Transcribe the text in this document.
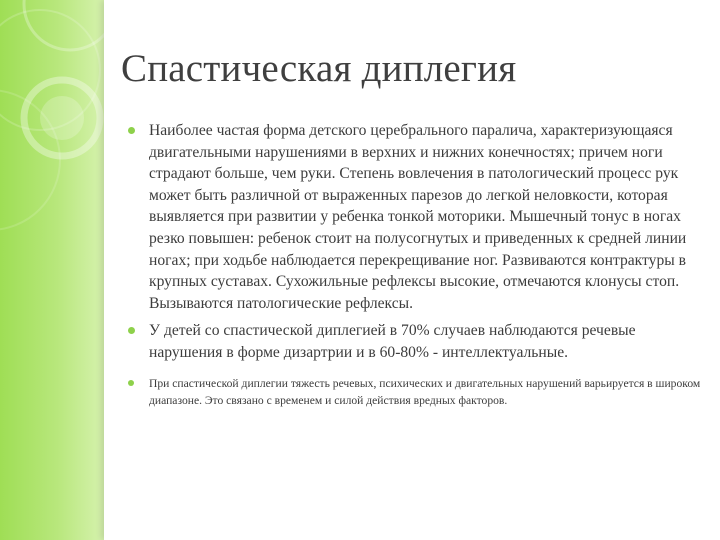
Спастическая диплегия
Наиболее частая форма детского церебрального паралича, характеризующаяся двигательными нарушениями в верхних и нижних конечностях; причем ноги страдают больше, чем руки. Степень вовлечения в патологический процесс рук может быть различной от выраженных парезов до легкой неловкости, которая выявляется при развитии у ребенка тонкой моторики. Мышечный тонус в ногах резко повышен: ребенок стоит на полусогнутых и приведенных к средней линии ногах; при ходьбе наблюдается перекрещивание ног. Развиваются контрактуры в крупных суставах. Сухожильные рефлексы высокие, отмечаются клонусы стоп. Вызываются патологические рефлексы.
У детей со спастической диплегией в 70% случаев наблюдаются речевые нарушения в форме дизартрии и в 60-80% - интеллектуальные.
При спастической диплегии тяжесть речевых, психических и двигательных нарушений варьируется в широком диапазоне. Это связано с временем и силой действия вредных факторов.
